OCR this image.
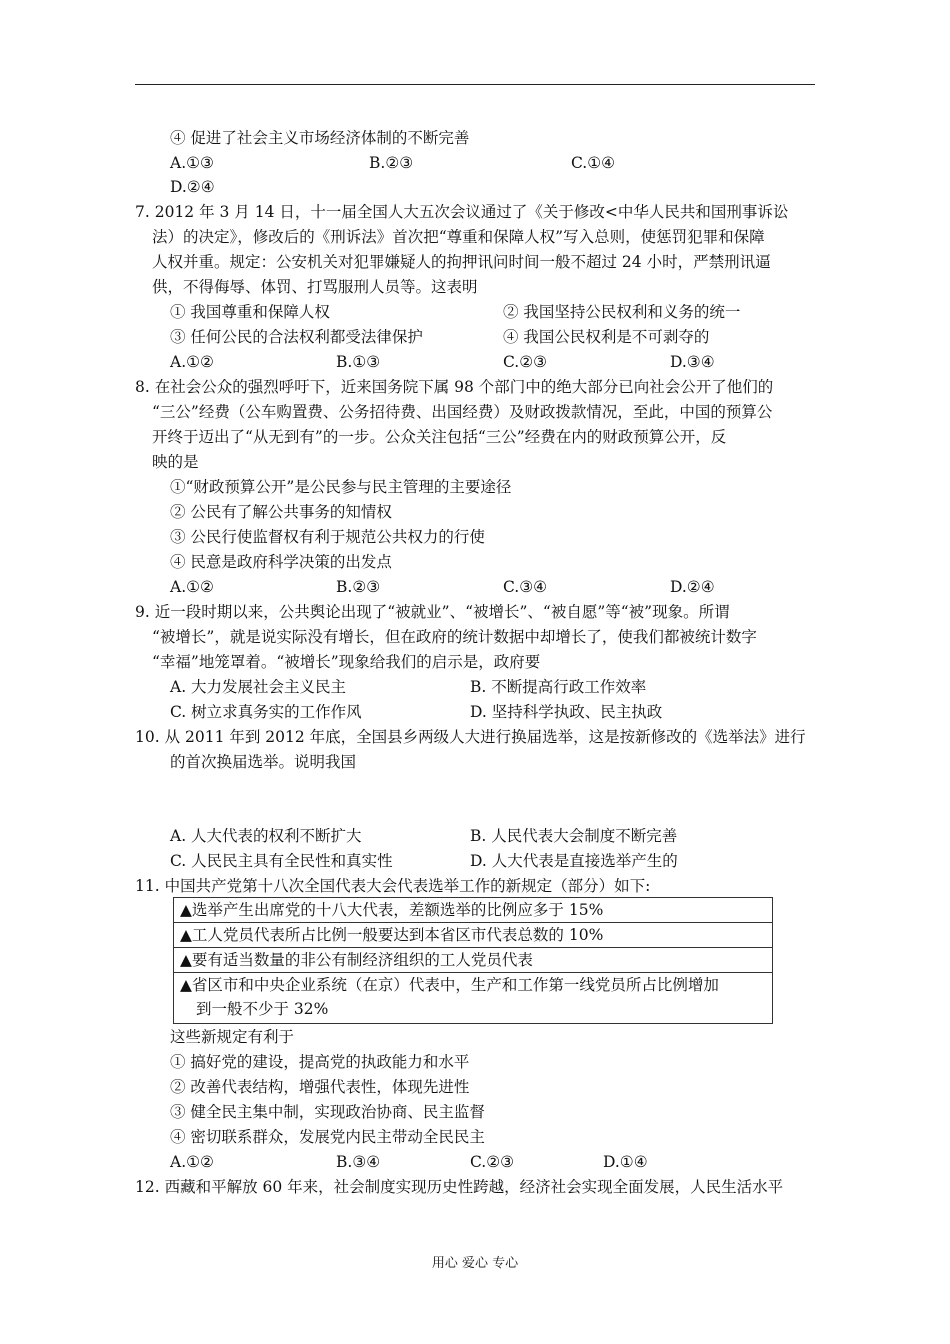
④ 促进了社会主义市场经济体制的不断完善
A.①③	B.②③	C.①④
D.②④
7. 2012 年 3 月 14 日，十一届全国人大五次会议通过了《关于修改<中华人民共和国刑事诉讼
法）的决定》，修改后的《刑诉法》首次把“尊重和保障人权”写入总则，使惩罚犯罪和保障
人权并重。规定：公安机关对犯罪嫌疑人的拘押讯问时间一般不超过 24 小时，严禁刑讯逼
供，不得侮辱、体罚、打骂服刑人员等。这表明
① 我国尊重和保障人权	② 我国坚持公民权利和义务的统一
③ 任何公民的合法权利都受法律保护	④ 我国公民权利是不可剥夺的
A.①②	B.①③	C.②③	D.③④
8. 在社会公众的强烈呼吁下，近来国务院下属 98 个部门中的绝大部分已向社会公开了他们的
“三公”经费（公车购置费、公务招待费、出国经费）及财政拨款情况，至此，中国的预算公
开终于迈出了“从无到有”的一步。公众关注包括“三公”经费在内的财政预算公开，反
映的是
①“财政预算公开”是公民参与民主管理的主要途径
② 公民有了解公共事务的知情权
③ 公民行使监督权有利于规范公共权力的行使
④ 民意是政府科学决策的出发点
A.①②	B.②③	C.③④	D.②④
9. 近一段时期以来，公共舆论出现了“被就业”、“被增长”、“被自愿”等“被”现象。所谓
“被增长”，就是说实际没有增长，但在政府的统计数据中却增长了，使我们都被统计数字
“幸福”地笼罩着。“被增长”现象给我们的启示是，政府要
A. 大力发展社会主义民主	B. 不断提高行政工作效率
C. 树立求真务实的工作作风	D. 坚持科学执政、民主执政
10. 从 2011 年到 2012 年底，全国县乡两级人大进行换届选举，这是按新修改的《选举法》进行
的首次换届选举。说明我国
A. 人大代表的权利不断扩大	B. 人民代表大会制度不断完善
C. 人民民主具有全民性和真实性	D. 人大代表是直接选举产生的
11. 中国共产党第十八次全国代表大会代表选举工作的新规定（部分）如下:
▲选举产生出席党的十八大代表，差额选举的比例应多于 15%
▲工人党员代表所占比例一般要达到本省区市代表总数的 10%
▲要有适当数量的非公有制经济组织的工人党员代表
▲省区市和中央企业系统（在京）代表中，生产和工作第一线党员所占比例增加
到一般不少于 32%
这些新规定有利于
① 搞好党的建设，提高党的执政能力和水平
② 改善代表结构，增强代表性，体现先进性
③ 健全民主集中制，实现政治协商、民主监督
④ 密切联系群众，发展党内民主带动全民民主
A.①②	B.③④	C.②③	D.①④
12. 西藏和平解放 60 年来，社会制度实现历史性跨越，经济社会实现全面发展，人民生活水平
用心 爱心 专心
